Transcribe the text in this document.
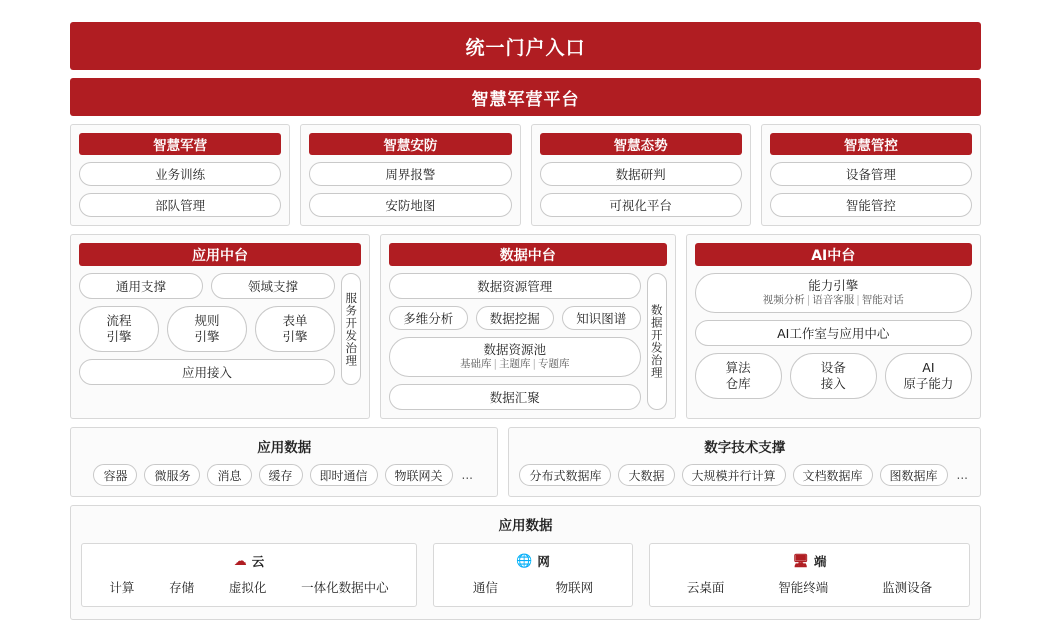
统一门户入口
智慧军营平台
智慧军营
业务训练
部队管理
智慧安防
周界报警
安防地图
智慧态势
数据研判
可视化平台
智慧管控
设备管理
智能管控
应用中台
通用支撑	领域支撑
流程
引擎
规则
引擎
表单
引擎
应用接入
服务开发治理
数据中台
数据资源管理
多维分析	数据挖掘	知识图谱
数据资源池
基础库 | 主题库 | 专题库
数据汇聚
数据开发治理
AI中台
能力引擎
视频分析 | 语音客服 | 智能对话
AI工作室与应用中心
算法
仓库
设备
接入
AI
原子能力
应用数据
容器	微服务	消息	缓存	即时通信	物联网关	...
数字技术支撑
分布式数据库	大数据	大规模并行计算	文档数据库	图数据库	...
应用数据
☁ 云
计算	存储	虚拟化	一体化数据中心
🌐 网
通信	物联网
🖥 端
云桌面	智能终端	监测设备
